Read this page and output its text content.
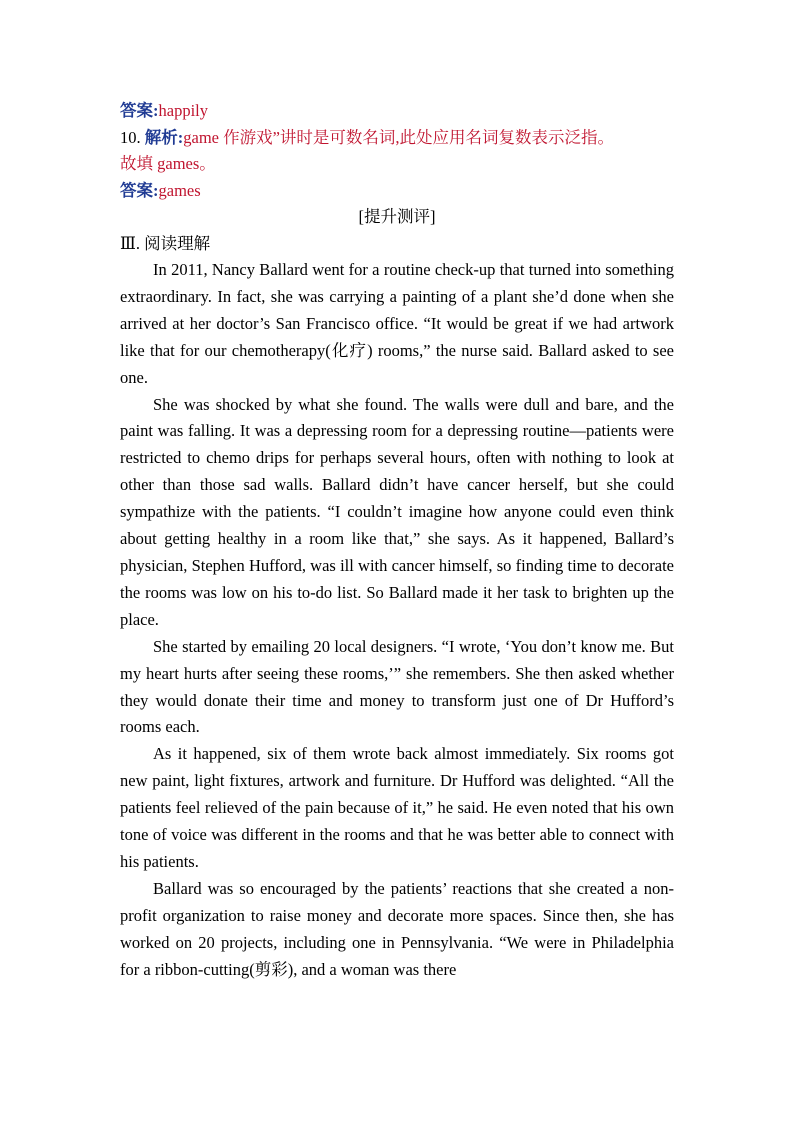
答案:happily

10. 解析:game 作游戏”讲时是可数名词,此处应用名词复数表示泛指。

故填 games。

答案:games

[提升测评]

Ⅲ. 阅读理解

In 2011, Nancy Ballard went for a routine check-up that turned into something extraordinary. In fact, she was carrying a painting of a plant she’d done when she arrived at her doctor’s San Francisco office. “It would be great if we had artwork like that for our chemotherapy(化疗) rooms,” the nurse said. Ballard asked to see one.

She was shocked by what she found. The walls were dull and bare, and the paint was falling. It was a depressing room for a depressing routine—patients were restricted to chemo drips for perhaps several hours, often with nothing to look at other than those sad walls. Ballard didn’t have cancer herself, but she could sympathize with the patients. “I couldn’t imagine how anyone could even think about getting healthy in a room like that,” she says. As it happened, Ballard’s physician, Stephen Hufford, was ill with cancer himself, so finding time to decorate the rooms was low on his to-do list. So Ballard made it her task to brighten up the place.

She started by emailing 20 local designers. “I wrote, ‘You don’t know me. But my heart hurts after seeing these rooms,’” she remembers. She then asked whether they would donate their time and money to transform just one of Dr Hufford’s rooms each.

As it happened, six of them wrote back almost immediately. Six rooms got new paint, light fixtures, artwork and furniture. Dr Hufford was delighted. “All the patients feel relieved of the pain because of it,” he said. He even noted that his own tone of voice was different in the rooms and that he was better able to connect with his patients.

Ballard was so encouraged by the patients’ reactions that she created a non-profit organization to raise money and decorate more spaces. Since then, she has worked on 20 projects, including one in Pennsylvania. “We were in Philadelphia for a ribbon-cutting(剪彩), and a woman was there
